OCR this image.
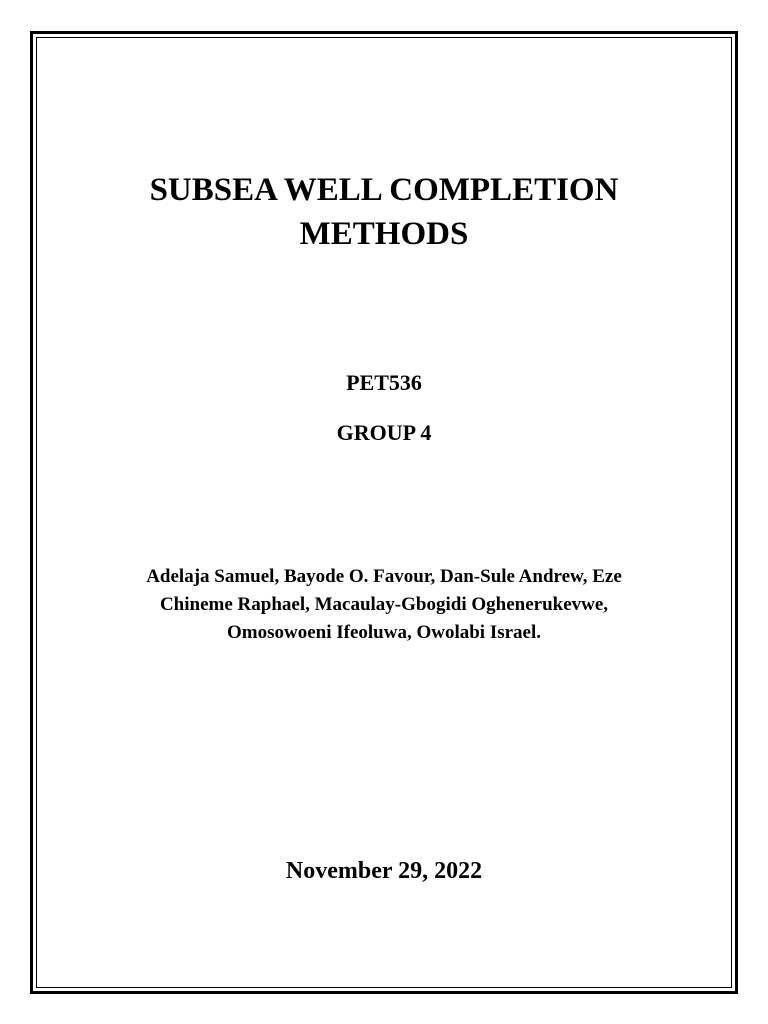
SUBSEA WELL COMPLETION
METHODS
PET536
GROUP 4
Adelaja Samuel, Bayode O. Favour, Dan-Sule Andrew, Eze
Chineme Raphael, Macaulay-Gbogidi Oghenerukevwe,
Omosowoeni Ifeoluwa, Owolabi Israel.
November 29, 2022
